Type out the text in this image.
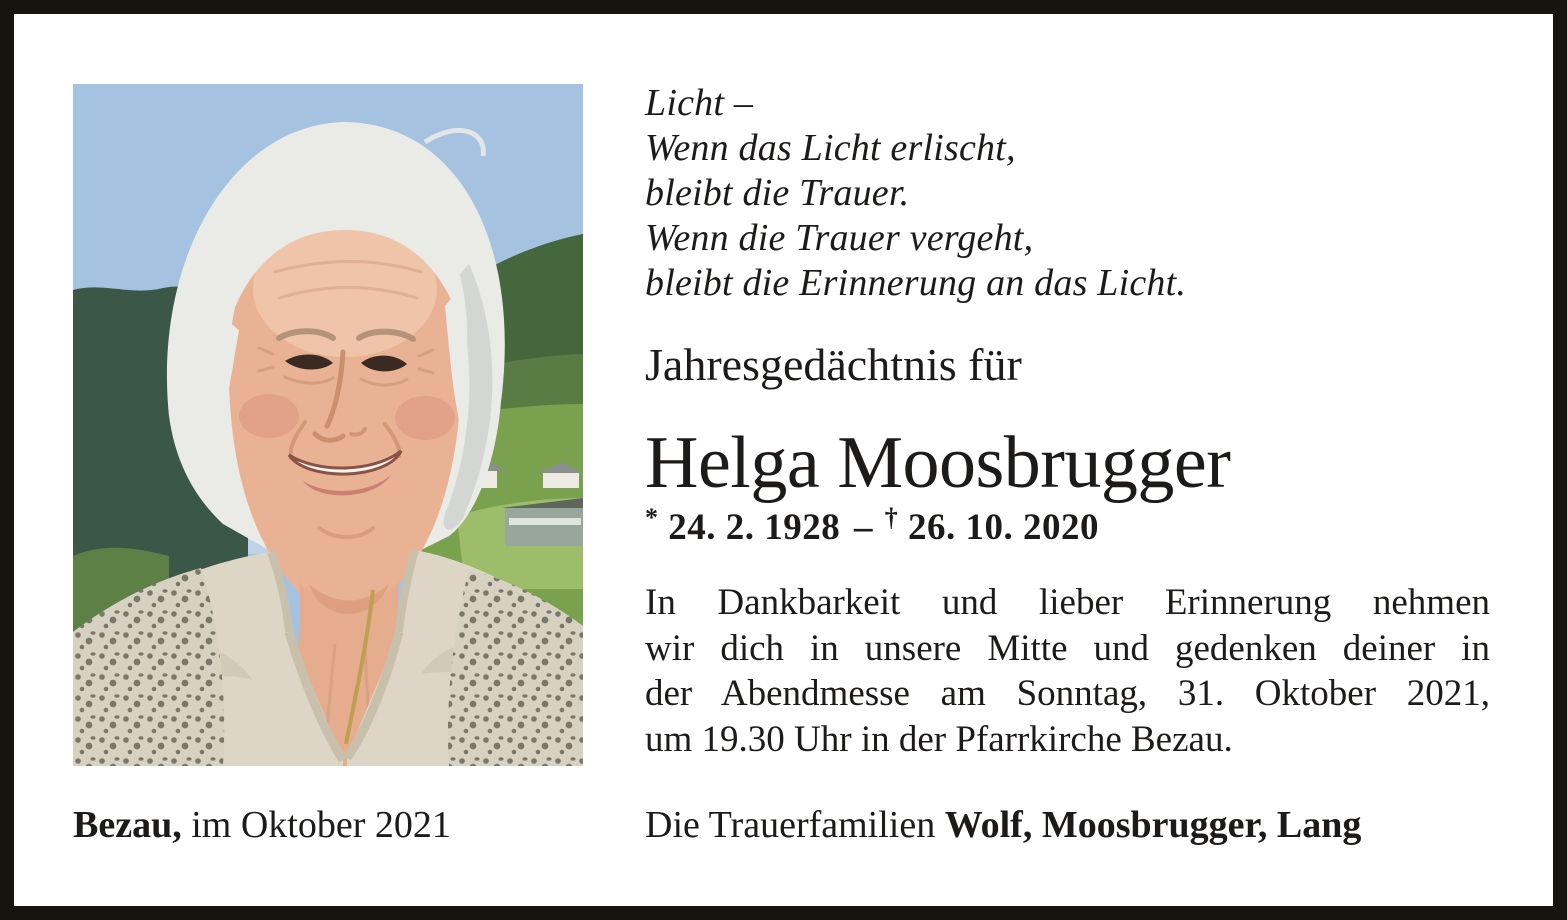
Licht –
Wenn das Licht erlischt,
bleibt die Trauer.
Wenn die Trauer vergeht,
bleibt die Erinnerung an das Licht.
Jahresgedächtnis für
Helga Moosbrugger
* 24. 2. 1928 – † 26. 10. 2020
In Dankbarkeit und lieber Erinnerung nehmen
wir dich in unsere Mitte und gedenken deiner in
der Abendmesse am Sonntag, 31. Oktober 2021,
um 19.30 Uhr in der Pfarrkirche Bezau.
Bezau, im Oktober 2021	Die Trauerfamilien Wolf, Moosbrugger, Lang
